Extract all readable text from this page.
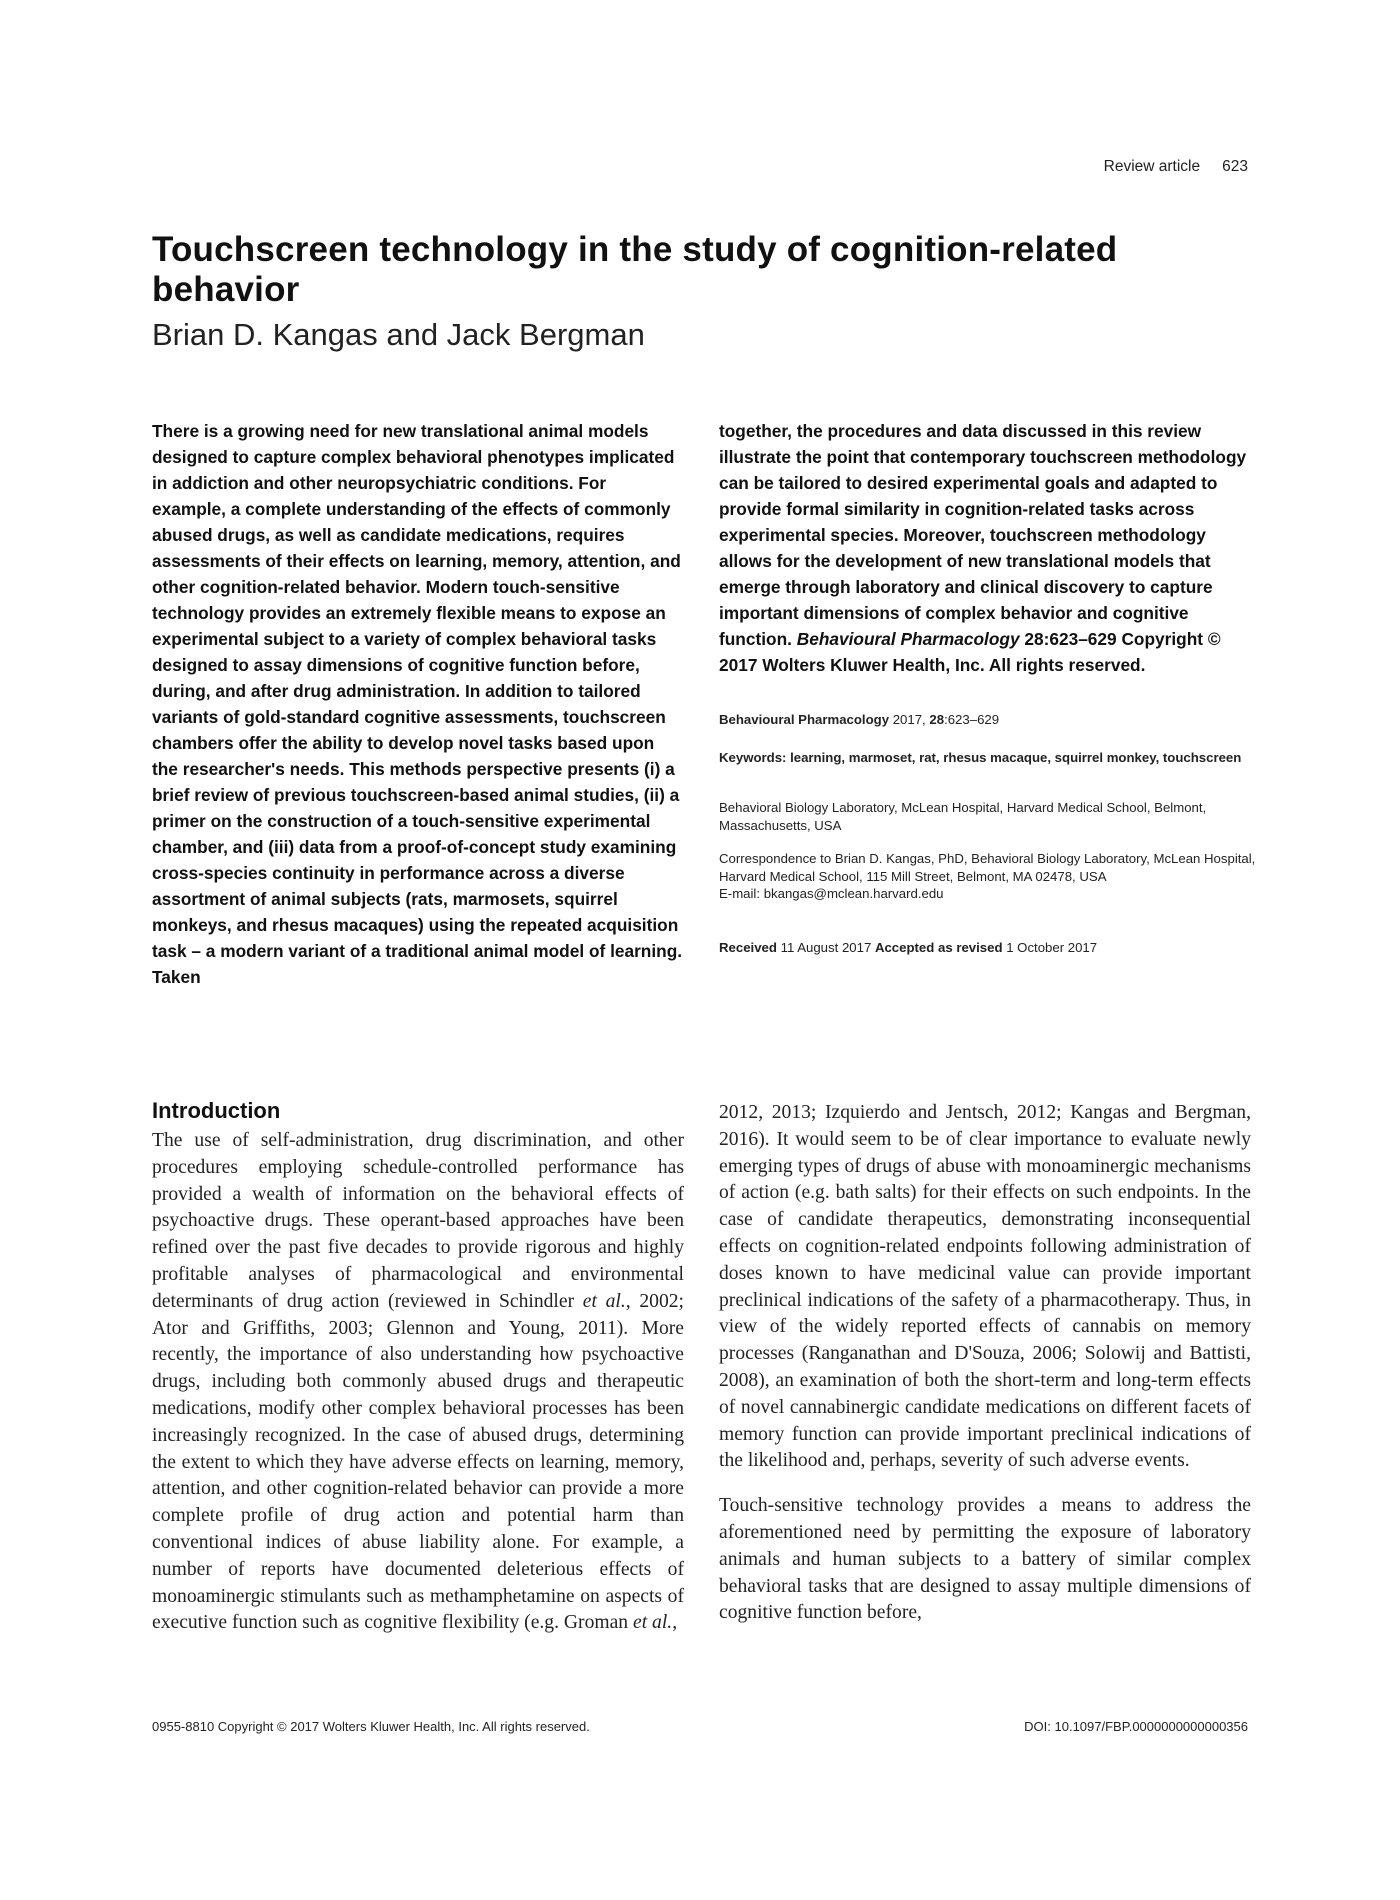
Review article 623
Touchscreen technology in the study of cognition-related behavior
Brian D. Kangas and Jack Bergman

There is a growing need for new translational animal models designed to capture complex behavioral phenotypes implicated in addiction and other neuropsychiatric conditions. For example, a complete understanding of the effects of commonly abused drugs, as well as candidate medications, requires assessments of their effects on learning, memory, attention, and other cognition-related behavior. Modern touch-sensitive technology provides an extremely flexible means to expose an experimental subject to a variety of complex behavioral tasks designed to assay dimensions of cognitive function before, during, and after drug administration. In addition to tailored variants of gold-standard cognitive assessments, touchscreen chambers offer the ability to develop novel tasks based upon the researcher's needs. This methods perspective presents (i) a brief review of previous touchscreen-based animal studies, (ii) a primer on the construction of a touch-sensitive experimental chamber, and (iii) data from a proof-of-concept study examining cross-species continuity in performance across a diverse assortment of animal subjects (rats, marmosets, squirrel monkeys, and rhesus macaques) using the repeated acquisition task – a modern variant of a traditional animal model of learning. Taken

together, the procedures and data discussed in this review illustrate the point that contemporary touchscreen methodology can be tailored to desired experimental goals and adapted to provide formal similarity in cognition-related tasks across experimental species. Moreover, touchscreen methodology allows for the development of new translational models that emerge through laboratory and clinical discovery to capture important dimensions of complex behavior and cognitive function. Behavioural Pharmacology 28:623–629 Copyright © 2017 Wolters Kluwer Health, Inc. All rights reserved.

Behavioural Pharmacology 2017, 28:623–629
Keywords: learning, marmoset, rat, rhesus macaque, squirrel monkey, touchscreen
Behavioral Biology Laboratory, McLean Hospital, Harvard Medical School, Belmont, Massachusetts, USA
Correspondence to Brian D. Kangas, PhD, Behavioral Biology Laboratory, McLean Hospital, Harvard Medical School, 115 Mill Street, Belmont, MA 02478, USA
E-mail: bkangas@mclean.harvard.edu
Received 11 August 2017 Accepted as revised 1 October 2017
Introduction

The use of self-administration, drug discrimination, and other procedures employing schedule-controlled performance has provided a wealth of information on the behavioral effects of psychoactive drugs. These operant-based approaches have been refined over the past five decades to provide rigorous and highly profitable analyses of pharmacological and environmental determinants of drug action (reviewed in Schindler et al., 2002; Ator and Griffiths, 2003; Glennon and Young, 2011). More recently, the importance of also understanding how psychoactive drugs, including both commonly abused drugs and therapeutic medications, modify other complex behavioral processes has been increasingly recognized. In the case of abused drugs, determining the extent to which they have adverse effects on learning, memory, attention, and other cognition-related behavior can provide a more complete profile of drug action and potential harm than conventional indices of abuse liability alone. For example, a number of reports have documented deleterious effects of monoaminergic stimulants such as methamphetamine on aspects of executive function such as cognitive flexibility (e.g. Groman et al.,

2012, 2013; Izquierdo and Jentsch, 2012; Kangas and Bergman, 2016). It would seem to be of clear importance to evaluate newly emerging types of drugs of abuse with monoaminergic mechanisms of action (e.g. bath salts) for their effects on such endpoints. In the case of candidate therapeutics, demonstrating inconsequential effects on cognition-related endpoints following administration of doses known to have medicinal value can provide important preclinical indications of the safety of a pharmacotherapy. Thus, in view of the widely reported effects of cannabis on memory processes (Ranganathan and D'Souza, 2006; Solowij and Battisti, 2008), an examination of both the short-term and long-term effects of novel cannabinergic candidate medications on different facets of memory function can provide important preclinical indications of the likelihood and, perhaps, severity of such adverse events.

Touch-sensitive technology provides a means to address the aforementioned need by permitting the exposure of laboratory animals and human subjects to a battery of similar complex behavioral tasks that are designed to assay multiple dimensions of cognitive function before,

0955-8810 Copyright © 2017 Wolters Kluwer Health, Inc. All rights reserved.	DOI: 10.1097/FBP.0000000000000356
